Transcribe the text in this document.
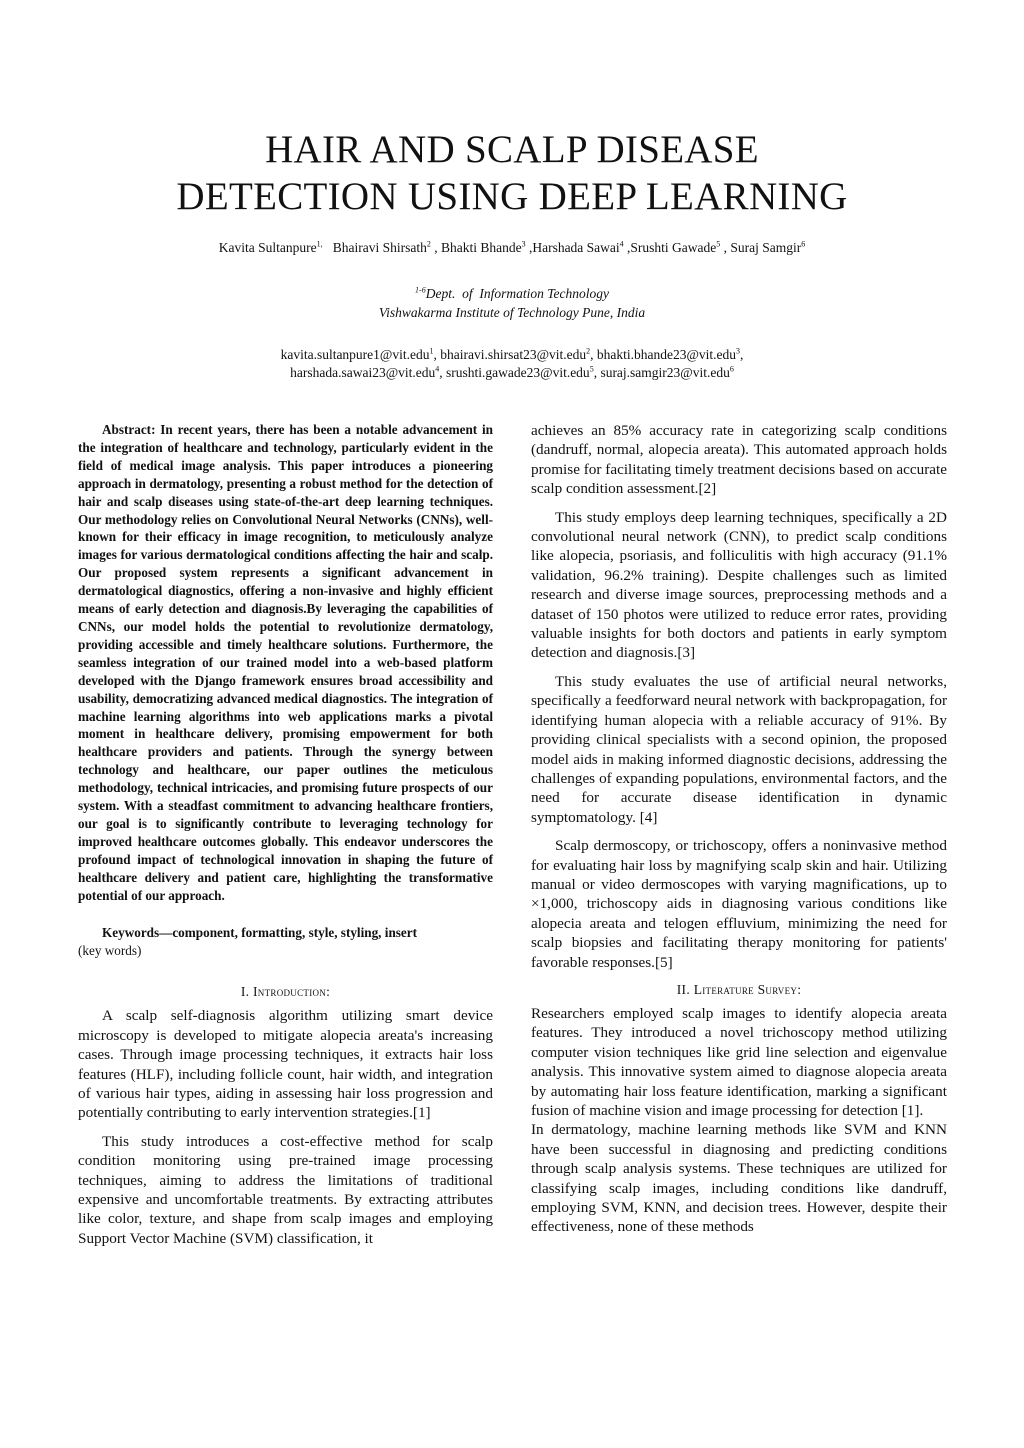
HAIR AND SCALP DISEASE
DETECTION USING DEEP LEARNING
Kavita Sultanpure$^{1,}$ Bhairavi Shirsath$^2$ , Bhakti Bhande$^3$ ,Harshada Sawai$^4$ ,Srushti Gawade$^5$ , Suraj Samgir$^6$
$^{1-6}$Dept.  of  Information Technology
Vishwakarma Institute of Technology Pune, India
kavita.sultanpure1@vit.edu$^1$, bhairavi.shirsat23@vit.edu$^2$, bhakti.bhande23@vit.edu$^3$,
harshada.sawai23@vit.edu$^4$, srushti.gawade23@vit.edu$^5$, suraj.samgir23@vit.edu$^6$

Abstract: In recent years, there has been a notable advancement in the integration of healthcare and technology, particularly evident in the field of medical image analysis. This paper introduces a pioneering approach in dermatology, presenting a robust method for the detection of hair and scalp diseases using state-of-the-art deep learning techniques. Our methodology relies on Convolutional Neural Networks (CNNs), well-known for their efficacy in image recognition, to meticulously analyze images for various dermatological conditions affecting the hair and scalp. Our proposed system represents a significant advancement in dermatological diagnostics, offering a non-invasive and highly efficient means of early detection and diagnosis.By leveraging the capabilities of CNNs, our model holds the potential to revolutionize dermatology, providing accessible and timely healthcare solutions. Furthermore, the seamless integration of our trained model into a web-based platform developed with the Django framework ensures broad accessibility and usability, democratizing advanced medical diagnostics. The integration of machine learning algorithms into web applications marks a pivotal moment in healthcare delivery, promising empowerment for both healthcare providers and patients. Through the synergy between technology and healthcare, our paper outlines the meticulous methodology, technical intricacies, and promising future prospects of our system. With a steadfast commitment to advancing healthcare frontiers, our goal is to significantly contribute to leveraging technology for improved healthcare outcomes globally. This endeavor underscores the profound impact of technological innovation in shaping the future of healthcare delivery and patient care, highlighting the transformative potential of our approach.

Keywords—component, formatting, style, styling, insert
(key words)

I. Introduction:

A scalp self-diagnosis algorithm utilizing smart device microscopy is developed to mitigate alopecia areata's increasing cases. Through image processing techniques, it extracts hair loss features (HLF), including follicle count, hair width, and integration of various hair types, aiding in assessing hair loss progression and potentially contributing to early intervention strategies.[1]

This study introduces a cost-effective method for scalp condition monitoring using pre-trained image processing techniques, aiming to address the limitations of traditional expensive and uncomfortable treatments. By extracting attributes like color, texture, and shape from scalp images and employing Support Vector Machine (SVM) classification, it

achieves an 85% accuracy rate in categorizing scalp conditions (dandruff, normal, alopecia areata). This automated approach holds promise for facilitating timely treatment decisions based on accurate scalp condition assessment.[2]

This study employs deep learning techniques, specifically a 2D convolutional neural network (CNN), to predict scalp conditions like alopecia, psoriasis, and folliculitis with high accuracy (91.1% validation, 96.2% training). Despite challenges such as limited research and diverse image sources, preprocessing methods and a dataset of 150 photos were utilized to reduce error rates, providing valuable insights for both doctors and patients in early symptom detection and diagnosis.[3]

This study evaluates the use of artificial neural networks, specifically a feedforward neural network with backpropagation, for identifying human alopecia with a reliable accuracy of 91%. By providing clinical specialists with a second opinion, the proposed model aids in making informed diagnostic decisions, addressing the challenges of expanding populations, environmental factors, and the need for accurate disease identification in dynamic symptomatology. [4]

Scalp dermoscopy, or trichoscopy, offers a noninvasive method for evaluating hair loss by magnifying scalp skin and hair. Utilizing manual or video dermoscopes with varying magnifications, up to ×1,000, trichoscopy aids in diagnosing various conditions like alopecia areata and telogen effluvium, minimizing the need for scalp biopsies and facilitating therapy monitoring for patients' favorable responses.[5]

II. Literature Survey:

Researchers employed scalp images to identify alopecia areata features. They introduced a novel trichoscopy method utilizing computer vision techniques like grid line selection and eigenvalue analysis. This innovative system aimed to diagnose alopecia areata by automating hair loss feature identification, marking a significant fusion of machine vision and image processing for detection [1].

In dermatology, machine learning methods like SVM and KNN have been successful in diagnosing and predicting conditions through scalp analysis systems. These techniques are utilized for classifying scalp images, including conditions like dandruff, employing SVM, KNN, and decision trees. However, despite their effectiveness, none of these methods
